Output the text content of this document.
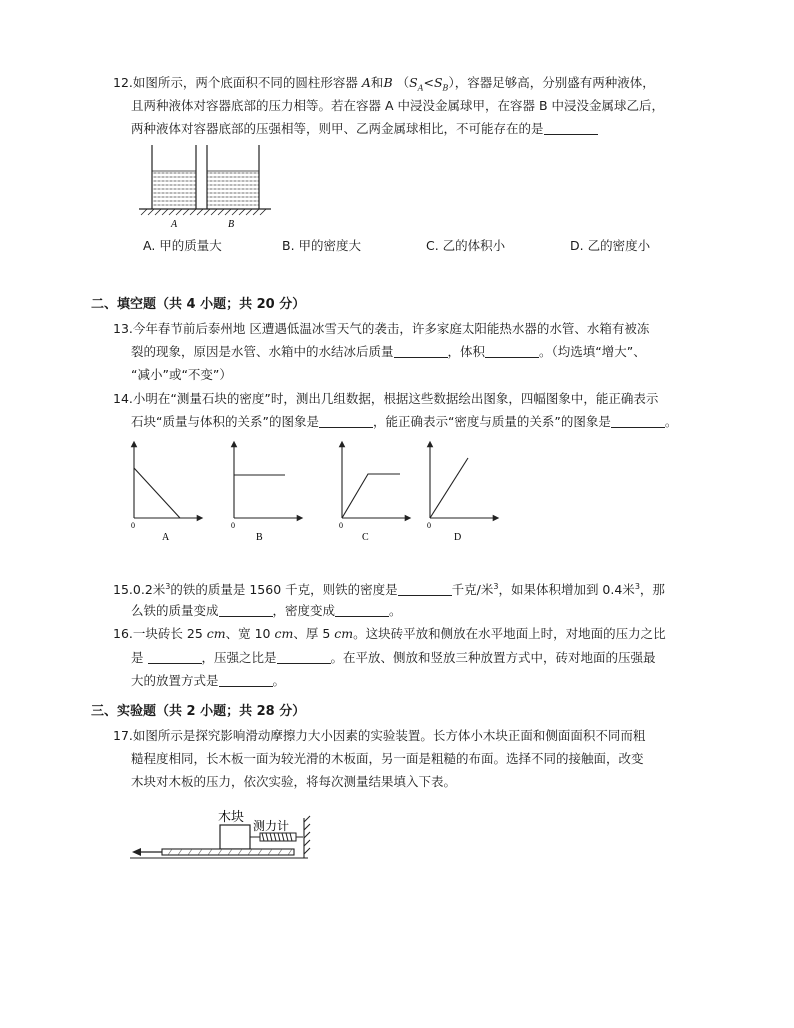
12.如图所示，两个底面积不同的圆柱形容器 A和B $(S_A<S_B)$，容器足够高，分别盛有两种液体，
且两种液体对容器底部的压力相等。若在容器 A 中浸没金属球甲，在容器 B 中浸没金属球乙后，
两种液体对容器底部的压强相等，则甲、乙两金属球相比，不可能存在的是
A	B
A. 甲的质量大	B. 甲的密度大	C. 乙的体积小	D. 乙的密度小
二、填空题（共 4 小题；共 20 分）
13.今年春节前后泰州地 区遭遇低温冰雪天气的袭击，许多家庭太阳能热水器的水管、水箱有被冻
裂的现象，原因是水管、水箱中的水结冰后质量	，体积	。（均选填“增大”、
“减小”或“不变”）
14.小明在“测量石块的密度”时，测出几组数据，根据这些数据绘出图象，四幅图象中，能正确表示
石块“质量与体积的关系”的图象是	，能正确表示“密度与质量的关系”的图象是	。
0
A
0
B
0
C
0
D
15.0.2米$^3$的铁的质量是 1560 千克，则铁的密度是	千克/米$^3$，如果体积增加到 0.4米$^3$，那
么铁的质量变成	，密度变成	。
16.一块砖长 25 cm、宽 10 cm、厚 5 cm。这块砖平放和侧放在水平地面上时，对地面的压力之比
是	，压强之比是	。在平放、侧放和竖放三种放置方式中，砖对地面的压强最
大的放置方式是	。
三、实验题（共 2 小题；共 28 分）
17.如图所示是探究影响滑动摩擦力大小因素的实验装置。长方体小木块正面和侧面面积不同而粗
糙程度相同，长木板一面为较光滑的木板面，另一面是粗糙的布面。选择不同的接触面，改变
木块对木板的压力，依次实验，将每次测量结果填入下表。
木块
测力计
